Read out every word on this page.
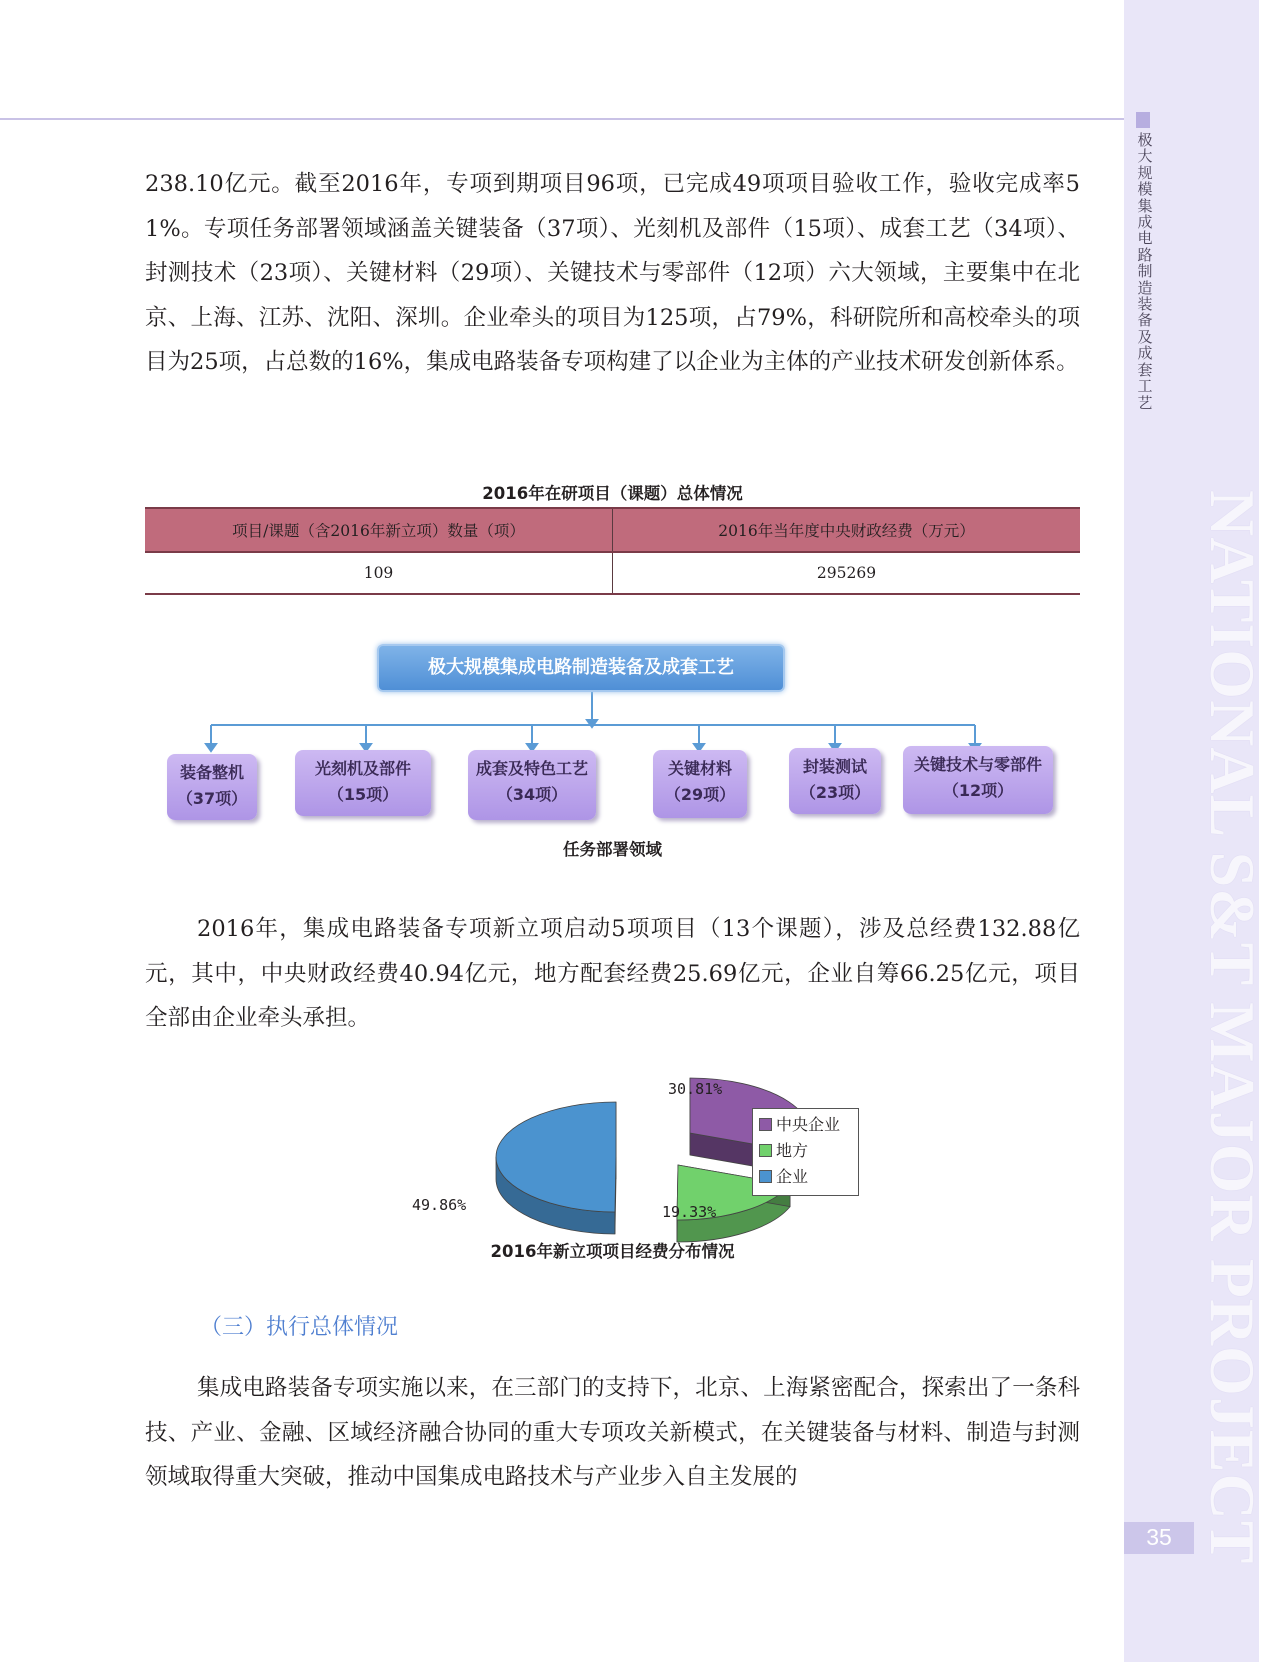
极大规模集成电路制造装备及成套工艺
NATIONAL S&T MAJOR PROJECT
35

238.10亿元。截至2016年，专项到期项目96项，已完成49项项目验收工作，验收完成率51%。专项任务部署领域涵盖关键装备（37项）、光刻机及部件（15项）、成套工艺（34项）、封测技术（23项）、关键材料（29项）、关键技术与零部件（12项）六大领域，主要集中在北京、上海、江苏、沈阳、深圳。企业牵头的项目为125项，占79%，科研院所和高校牵头的项目为25项，占总数的16%，集成电路装备专项构建了以企业为主体的产业技术研发创新体系。

2016年在研项目（课题）总体情况
项目/课题（含2016年新立项）数量（项）	2016年当年度中央财政经费（万元）
109	295269
极大规模集成电路制造装备及成套工艺
装备整机
（37项）
光刻机及部件
（15项）
成套及特色工艺
（34项）
关键材料
（29项）
封装测试
（23项）
关键技术与零部件
（12项）
任务部署领域

2016年，集成电路装备专项新立项启动5项项目（13个课题），涉及总经费132.88亿元，其中，中央财政经费40.94亿元，地方配套经费25.69亿元，企业自筹66.25亿元，项目全部由企业牵头承担。

30.81%
19.33%
49.86%
中央企业
地方
企业
2016年新立项项目经费分布情况
（三）执行总体情况

集成电路装备专项实施以来，在三部门的支持下，北京、上海紧密配合，探索出了一条科技、产业、金融、区域经济融合协同的重大专项攻关新模式，在关键装备与材料、制造与封测领域取得重大突破，推动中国集成电路技术与产业步入自主发展的
